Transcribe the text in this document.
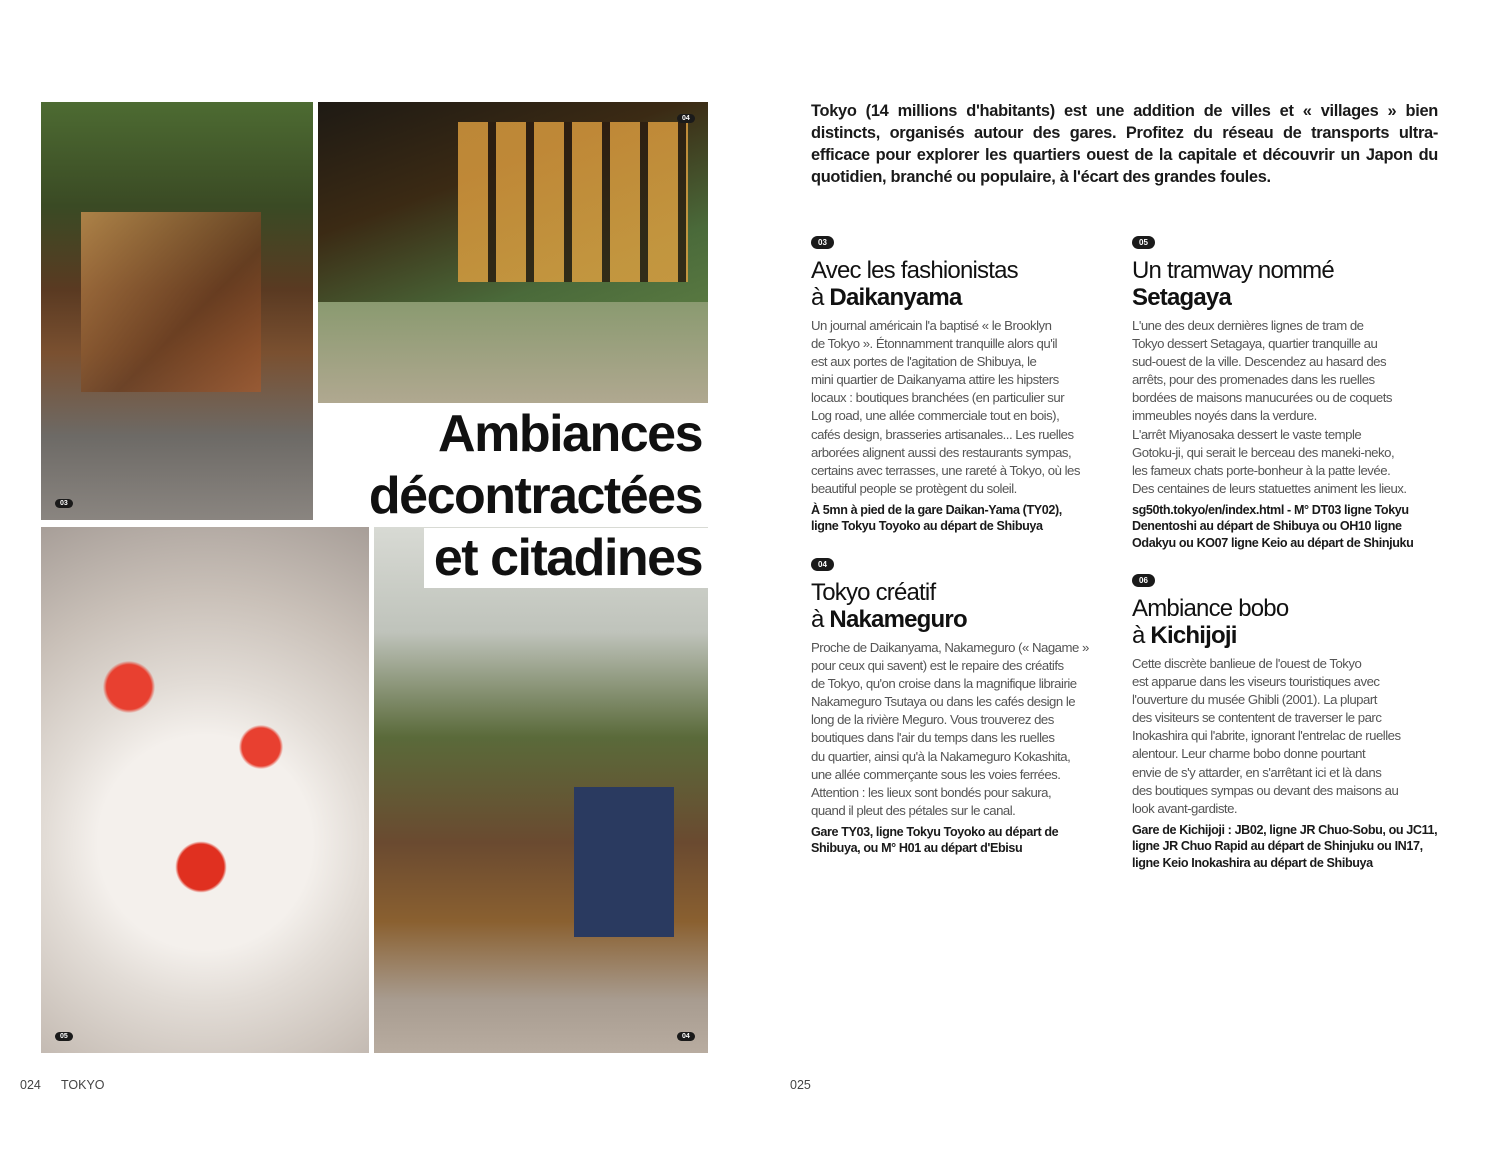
03
04
05	04
Ambiances
décontractées
et citadines
024 TOKYO	025
Tokyo (14 millions d'habitants) est une addition de villes et « villages » bien distincts, organisés autour des gares. Profitez du réseau de transports ultra-efficace pour explorer les quartiers ouest de la capitale et découvrir un Japon du quotidien, branché ou populaire, à l'écart des grandes foules.
03
Avec les fashionistas
à Daikanyama
Un journal américain l'a baptisé « le Brooklyn
de Tokyo ». Étonnamment tranquille alors qu'il
est aux portes de l'agitation de Shibuya, le
mini quartier de Daikanyama attire les hipsters
locaux : boutiques branchées (en particulier sur
Log road, une allée commerciale tout en bois),
cafés design, brasseries artisanales... Les ruelles
arborées alignent aussi des restaurants sympas,
certains avec terrasses, une rareté à Tokyo, où les
beautiful people se protègent du soleil.
À 5mn à pied de la gare Daikan-Yama (TY02),
ligne Tokyu Toyoko au départ de Shibuya
04
Tokyo créatif
à Nakameguro
Proche de Daikanyama, Nakameguro (« Nagame »
pour ceux qui savent) est le repaire des créatifs
de Tokyo, qu'on croise dans la magnifique librairie
Nakameguro Tsutaya ou dans les cafés design le
long de la rivière Meguro. Vous trouverez des
boutiques dans l'air du temps dans les ruelles
du quartier, ainsi qu'à la Nakameguro Kokashita,
une allée commerçante sous les voies ferrées.
Attention : les lieux sont bondés pour sakura,
quand il pleut des pétales sur le canal.
Gare TY03, ligne Tokyu Toyoko au départ de
Shibuya, ou M° H01 au départ d'Ebisu
05
Un tramway nommé
Setagaya
L'une des deux dernières lignes de tram de
Tokyo dessert Setagaya, quartier tranquille au
sud-ouest de la ville. Descendez au hasard des
arrêts, pour des promenades dans les ruelles
bordées de maisons manucurées ou de coquets
immeubles noyés dans la verdure.
L'arrêt Miyanosaka dessert le vaste temple
Gotoku-ji, qui serait le berceau des maneki-neko,
les fameux chats porte-bonheur à la patte levée.
Des centaines de leurs statuettes animent les lieux.
sg50th.tokyo/en/index.html - M° DT03 ligne Tokyu
Denentoshi au départ de Shibuya ou OH10 ligne
Odakyu ou KO07 ligne Keio au départ de Shinjuku
06
Ambiance bobo
à Kichijoji
Cette discrète banlieue de l'ouest de Tokyo
est apparue dans les viseurs touristiques avec
l'ouverture du musée Ghibli (2001). La plupart
des visiteurs se contentent de traverser le parc
Inokashira qui l'abrite, ignorant l'entrelac de ruelles
alentour. Leur charme bobo donne pourtant
envie de s'y attarder, en s'arrêtant ici et là dans
des boutiques sympas ou devant des maisons au
look avant-gardiste.
Gare de Kichijoji : JB02, ligne JR Chuo-Sobu, ou JC11,
ligne JR Chuo Rapid au départ de Shinjuku ou IN17,
ligne Keio Inokashira au départ de Shibuya
